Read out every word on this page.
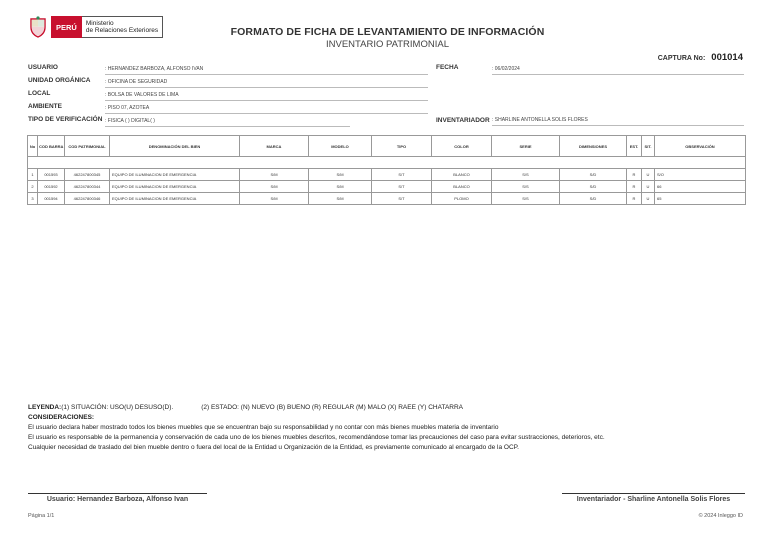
PERÚ	Ministerio
de Relaciones Exteriores	FORMATO DE FICHA DE LEVANTAMIENTO DE INFORMACIÓN
INVENTARIO PATRIMONIAL
CAPTURA No: 001014
USUARIO	: HERNANDEZ BARBOZA, ALFONSO IVAN
UNIDAD ORGÁNICA	: OFICINA DE SEGURIDAD
LOCAL	: BOLSA DE VALORES DE LIMA
AMBIENTE	: PISO 07, AZOTEA
TIPO DE VERIFICACIÓN : FISICA ( ) DIGITAL( )
FECHA	: 06/02/2024
INVENTARIADOR : SHARLINE ANTONELLA SOLIS FLORES
No	COD BARRA	COD PATRIMONIAL	DENOMINACIÓN DEL BIEN	MARCA	MODELO	TIPO	COLOR	SERIE	DIMENSIONES	EST.	SIT.	OBSERVACIÓN

1	001593	462247800345	EQUIPO DE ILUMINACION DE EMERGENCIA	S/M	S/M	S/T	BLANCO	S/S	S/D	R	U	S/O
2	001592	462247800344	EQUIPO DE ILUMINACION DE EMERGENCIA	S/M	S/M	S/T	BLANCO	S/S	S/D	R	U	66
3	001594	462247800346	EQUIPO DE ILUMINACION DE EMERGENCIA	S/M	S/M	S/T	PLOMO	S/S	S/D	R	U	65
LEYENDA:(1) SITUACIÓN: USO(U) DESUSO(D).	(2) ESTADO: (N) NUEVO (B) BUENO (R) REGULAR (M) MALO (X) RAEE (Y) CHATARRA
CONSIDERACIONES:
El usuario declara haber mostrado todos los bienes muebles que se encuentran bajo su responsabilidad y no contar con más bienes muebles materia de inventario
El usuario es responsable de la permanencia y conservación de cada uno de los bienes muebles descritos, recomendándose tomar las precauciones del caso para evitar sustracciones, deterioros, etc.
Cualquier necesidad de traslado del bien mueble dentro o fuera del local de la Entidad u Organización de la Entidad, es previamente comunicado al encargado de la OCP.
Usuario: Hernandez Barboza, Alfonso Ivan	Inventariador - Sharline Antonella Solis Flores
Página 1/1	© 2024 Inleggo ID
